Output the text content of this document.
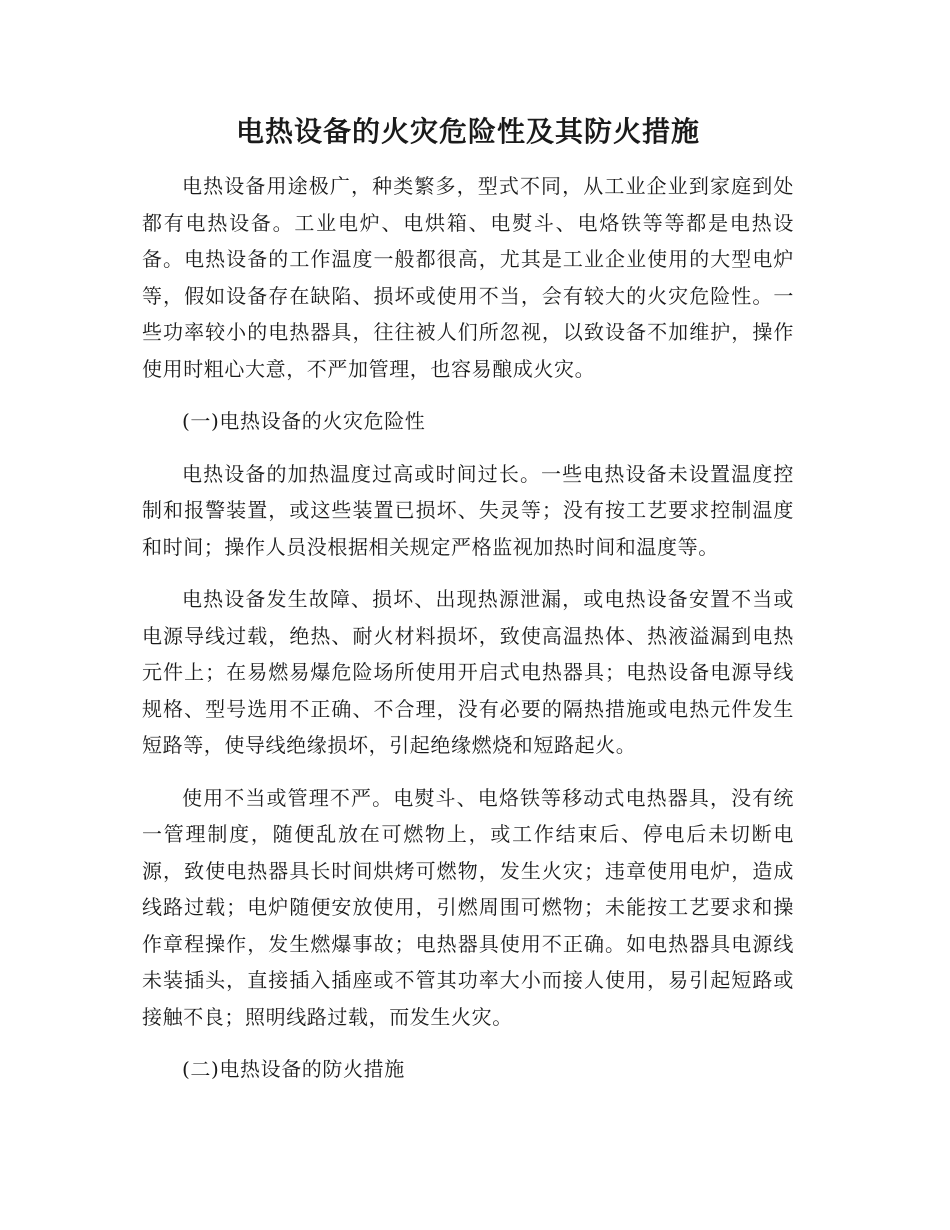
电热设备的火灾危险性及其防火措施

电热设备用途极广，种类繁多，型式不同，从工业企业到家庭到处都有电热设备。工业电炉、电烘箱、电熨斗、电烙铁等等都是电热设备。电热设备的工作温度一般都很高，尤其是工业企业使用的大型电炉等，假如设备存在缺陷、损坏或使用不当，会有较大的火灾危险性。一些功率较小的电热器具，往往被人们所忽视，以致设备不加维护，操作使用时粗心大意，不严加管理，也容易酿成火灾。

(一)电热设备的火灾危险性

电热设备的加热温度过高或时间过长。一些电热设备未设置温度控制和报警装置，或这些装置已损坏、失灵等；没有按工艺要求控制温度和时间；操作人员没根据相关规定严格监视加热时间和温度等。

电热设备发生故障、损坏、出现热源泄漏，或电热设备安置不当或电源导线过载，绝热、耐火材料损坏，致使高温热体、热液溢漏到电热元件上；在易燃易爆危险场所使用开启式电热器具；电热设备电源导线规格、型号选用不正确、不合理，没有必要的隔热措施或电热元件发生短路等，使导线绝缘损坏，引起绝缘燃烧和短路起火。

使用不当或管理不严。电熨斗、电烙铁等移动式电热器具，没有统一管理制度，随便乱放在可燃物上，或工作结束后、停电后未切断电源，致使电热器具长时间烘烤可燃物，发生火灾；违章使用电炉，造成线路过载；电炉随便安放使用，引燃周围可燃物；未能按工艺要求和操作章程操作，发生燃爆事故；电热器具使用不正确。如电热器具电源线未装插头，直接插入插座或不管其功率大小而接人使用，易引起短路或接触不良；照明线路过载，而发生火灾。

(二)电热设备的防火措施
